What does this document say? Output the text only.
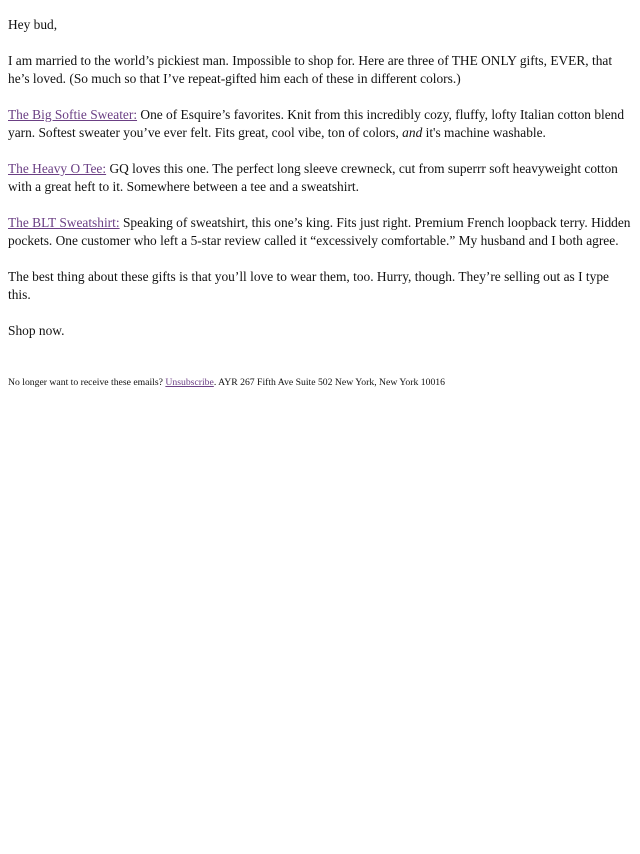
Hey bud,

I am married to the world’s pickiest man. Impossible to shop for. Here are three of THE ONLY gifts, EVER, that he’s loved. (So much so that I’ve repeat-gifted him each of these in different colors.)

The Big Softie Sweater: One of Esquire’s favorites. Knit from this incredibly cozy, fluffy, lofty Italian cotton blend yarn. Softest sweater you’ve ever felt. Fits great, cool vibe, ton of colors, and it's machine washable.

The Heavy O Tee: GQ loves this one. The perfect long sleeve crewneck, cut from superrr soft heavyweight cotton with a great heft to it. Somewhere between a tee and a sweatshirt.

The BLT Sweatshirt: Speaking of sweatshirt, this one’s king. Fits just right. Premium French loopback terry. Hidden pockets. One customer who left a 5-star review called it “excessively comfortable.” My husband and I both agree.

The best thing about these gifts is that you’ll love to wear them, too. Hurry, though. They’re selling out as I type this.

Shop now.

No longer want to receive these emails? Unsubscribe. AYR 267 Fifth Ave Suite 502 New York, New York 10016
